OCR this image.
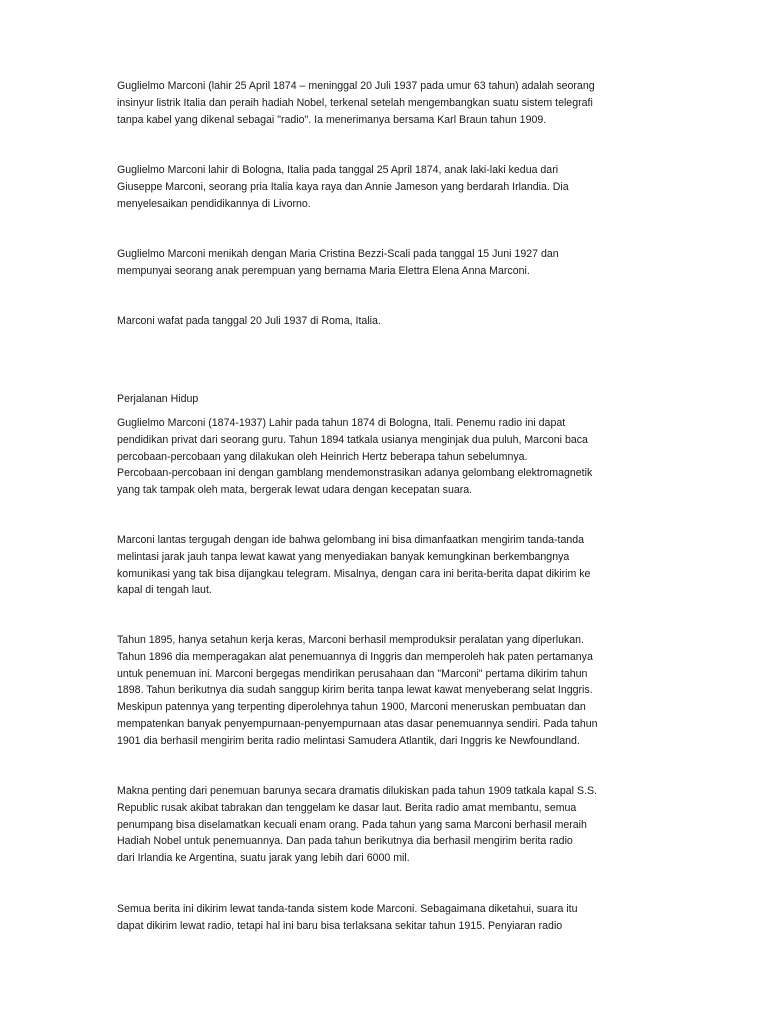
Guglielmo Marconi (lahir 25 April 1874 – meninggal 20 Juli 1937 pada umur 63 tahun) adalah seorang
insinyur listrik Italia dan peraih hadiah Nobel, terkenal setelah mengembangkan suatu sistem telegrafi
tanpa kabel yang dikenal sebagai "radio". Ia menerimanya bersama Karl Braun tahun 1909.

Guglielmo Marconi lahir di Bologna, Italia pada tanggal 25 April 1874, anak laki-laki kedua dari
Giuseppe Marconi, seorang pria Italia kaya raya dan Annie Jameson yang berdarah Irlandia. Dia
menyelesaikan pendidikannya di Livorno.

Guglielmo Marconi menikah dengan Maria Cristina Bezzi-Scali pada tanggal 15 Juni 1927 dan
mempunyai seorang anak perempuan yang bernama Maria Elettra Elena Anna Marconi.

Marconi wafat pada tanggal 20 Juli 1937 di Roma, Italia.

Perjalanan Hidup

Guglielmo Marconi (1874-1937) Lahir pada tahun 1874 di Bologna, Itali. Penemu radio ini dapat
pendidikan privat dari seorang guru. Tahun 1894 tatkala usianya menginjak dua puluh, Marconi baca
percobaan-percobaan yang dilakukan oleh Heinrich Hertz beberapa tahun sebelumnya.
Percobaan-percobaan ini dengan gamblang mendemonstrasikan adanya gelombang elektromagnetik
yang tak tampak oleh mata, bergerak lewat udara dengan kecepatan suara.

Marconi lantas tergugah dengan ide bahwa gelombang ini bisa dimanfaatkan mengirim tanda-tanda
melintasi jarak jauh tanpa lewat kawat yang menyediakan banyak kemungkinan berkembangnya
komunikasi yang tak bisa dijangkau telegram. Misalnya, dengan cara ini berita-berita dapat dikirim ke
kapal di tengah laut.

Tahun 1895, hanya setahun kerja keras, Marconi berhasil memproduksir peralatan yang diperlukan.
Tahun 1896 dia memperagakan alat penemuannya di Inggris dan memperoleh hak paten pertamanya
untuk penemuan ini. Marconi bergegas mendirikan perusahaan dan "Marconi" pertama dikirim tahun
1898. Tahun berikutnya dia sudah sanggup kirim berita tanpa lewat kawat menyeberang selat Inggris.
Meskipun patennya yang terpenting diperolehnya tahun 1900, Marconi meneruskan pembuatan dan
mempatenkan banyak penyempurnaan-penyempurnaan atas dasar penemuannya sendiri. Pada tahun
1901 dia berhasil mengirim berita radio melintasi Samudera Atlantik, dari Inggris ke Newfoundland.

Makna penting dari penemuan barunya secara dramatis dilukiskan pada tahun 1909 tatkala kapal S.S.
Republic rusak akibat tabrakan dan tenggelam ke dasar laut. Berita radio amat membantu, semua
penumpang bisa diselamatkan kecuali enam orang. Pada tahun yang sama Marconi berhasil meraih
Hadiah Nobel untuk penemuannya. Dan pada tahun berikutnya dia berhasil mengirim berita radio
dari Irlandia ke Argentina, suatu jarak yang lebih dari 6000 mil.

Semua berita ini dikirim lewat tanda-tanda sistem kode Marconi. Sebagaimana diketahui, suara itu
dapat dikirim lewat radio, tetapi hal ini baru bisa terlaksana sekitar tahun 1915. Penyiaran radio
